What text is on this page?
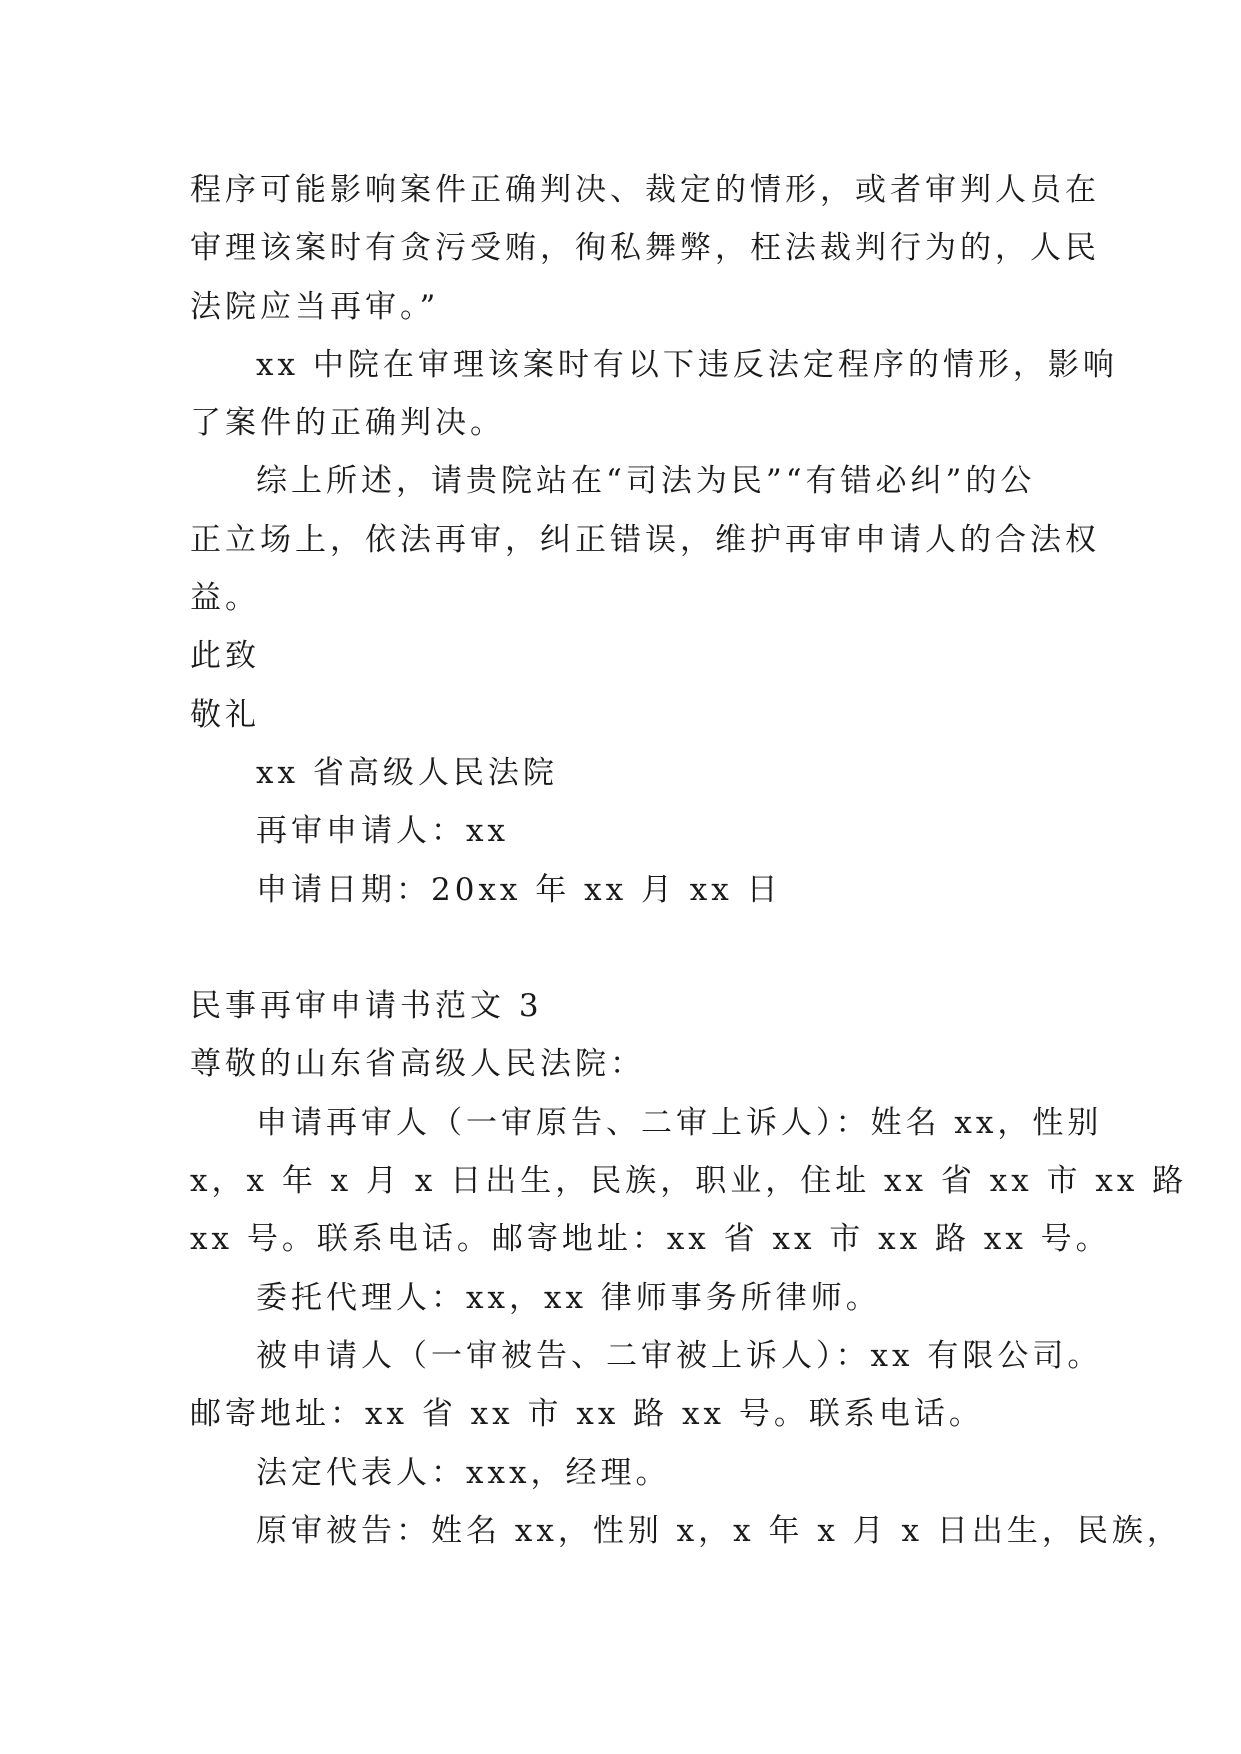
程序可能影响案件正确判决、裁定的情形，或者审判人员在
审理该案时有贪污受贿，徇私舞弊，枉法裁判行为的，人民
法院应当再审。”
xx 中院在审理该案时有以下违反法定程序的情形，影响
了案件的正确判决。
综上所述，请贵院站在“司法为民”“有错必纠”的公
正立场上，依法再审，纠正错误，维护再审申请人的合法权
益。
此致
敬礼
xx 省高级人民法院
再审申请人：xx
申请日期：20xx 年 xx 月 xx 日
民事再审申请书范文 3
尊敬的山东省高级人民法院：
申请再审人（一审原告、二审上诉人）：姓名 xx，性别
x，x 年 x 月 x 日出生，民族，职业，住址 xx 省 xx 市 xx 路
xx 号。联系电话。邮寄地址：xx 省 xx 市 xx 路 xx 号。
委托代理人：xx，xx 律师事务所律师。
被申请人（一审被告、二审被上诉人）：xx 有限公司。
邮寄地址：xx 省 xx 市 xx 路 xx 号。联系电话。
法定代表人：xxx，经理。
原审被告：姓名 xx，性别 x，x 年 x 月 x 日出生，民族，
